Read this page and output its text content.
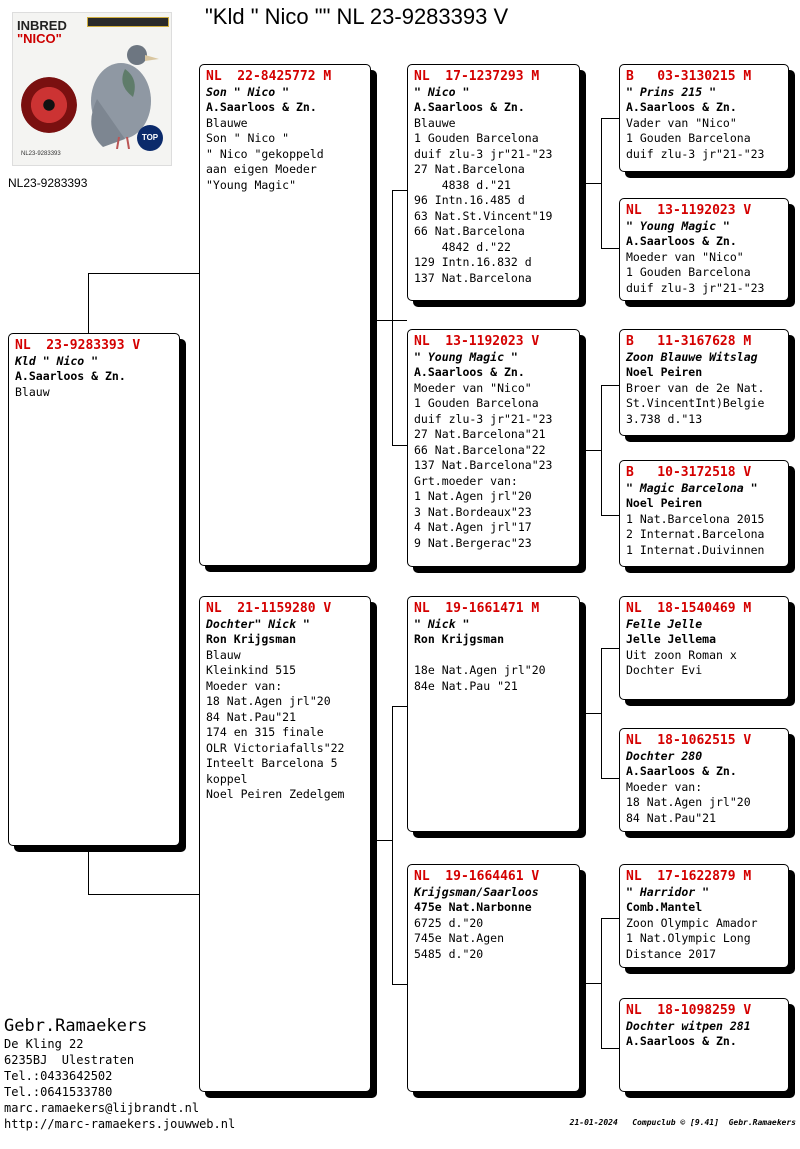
"Kld " Nico "" NL 23-9283393 V
INBRED
"NICO"
TOP
NL23-9283393
NL23-9283393
NL  23-9283393 V
Kld " Nico "
A.Saarloos & Zn.
Blauw
NL  22-8425772 M
Son " Nico "
A.Saarloos & Zn.
Blauwe
Son " Nico "
" Nico "gekoppeld
aan eigen Moeder
"Young Magic"
NL  21-1159280 V
Dochter" Nick "
Ron Krijgsman
Blauw
Kleinkind 515
Moeder van:
18 Nat.Agen jrl"20
84 Nat.Pau"21
174 en 315 finale
OLR Victoriafalls"22
Inteelt Barcelona 5
koppel
Noel Peiren Zedelgem
NL  17-1237293 M
" Nico "
A.Saarloos & Zn.
Blauwe
1 Gouden Barcelona
duif zlu-3 jr"21-"23
27 Nat.Barcelona
4838 d."21
96 Intn.16.485 d
63 Nat.St.Vincent"19
66 Nat.Barcelona
4842 d."22
129 Intn.16.832 d
137 Nat.Barcelona
NL  13-1192023 V
" Young Magic "
A.Saarloos & Zn.
Moeder van "Nico"
1 Gouden Barcelona
duif zlu-3 jr"21-"23
27 Nat.Barcelona"21
66 Nat.Barcelona"22
137 Nat.Barcelona"23
Grt.moeder van:
1 Nat.Agen jrl"20
3 Nat.Bordeaux"23
4 Nat.Agen jrl"17
9 Nat.Bergerac"23
NL  19-1661471 M
" Nick "
Ron Krijgsman

18e Nat.Agen jrl"20
84e Nat.Pau "21
NL  19-1664461 V
Krijgsman/Saarloos
475e Nat.Narbonne
6725 d."20
745e Nat.Agen
5485 d."20
B   03-3130215 M
" Prins 215 "
A.Saarloos & Zn.
Vader van "Nico"
1 Gouden Barcelona
duif zlu-3 jr"21-"23
NL  13-1192023 V
" Young Magic "
A.Saarloos & Zn.
Moeder van "Nico"
1 Gouden Barcelona
duif zlu-3 jr"21-"23
B   11-3167628 M
Zoon Blauwe Witslag
Noel Peiren
Broer van de 2e Nat.
St.VincentInt)Belgie
3.738 d."13
B   10-3172518 V
" Magic Barcelona "
Noel Peiren
1 Nat.Barcelona 2015
2 Internat.Barcelona
1 Internat.Duivinnen
NL  18-1540469 M
Felle Jelle
Jelle Jellema
Uit zoon Roman x
Dochter Evi
NL  18-1062515 V
Dochter 280
A.Saarloos & Zn.
Moeder van:
18 Nat.Agen jrl"20
84 Nat.Pau"21
NL  17-1622879 M
" Harridor "
Comb.Mantel
Zoon Olympic Amador
1 Nat.Olympic Long
Distance 2017
NL  18-1098259 V
Dochter witpen 281
A.Saarloos & Zn.
Gebr.Ramaekers
De Kling 22
6235BJ  Ulestraten
Tel.:0433642502
Tel.:0641533780
marc.ramaekers@lijbrandt.nl
http://marc-ramaekers.jouwweb.nl	21-01-2024   Compuclub © [9.41]  Gebr.Ramaekers
